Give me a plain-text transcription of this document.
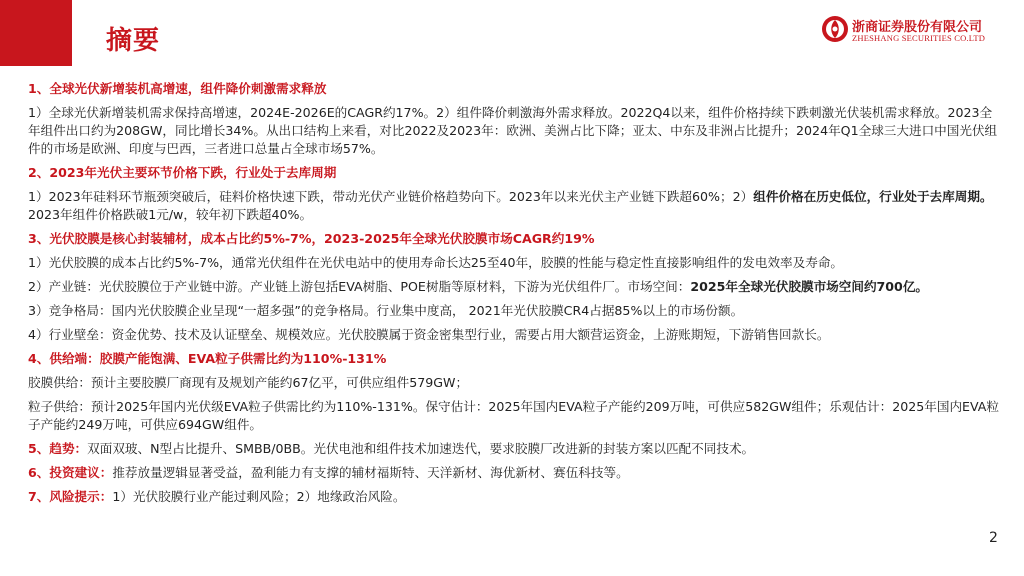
摘要	浙商证券股份有限公司
ZHESHANG SECURITIES CO.LTD
1、全球光伏新增装机高增速，组件降价刺激需求释放
1）全球光伏新增装机需求保持高增速，2024E-2026E的CAGR约17%。2）组件降价刺激海外需求释放。2022Q4以来，组件价格持续下跌刺激光伏装机需求释放。2023全年组件出口约为208GW，同比增长34%。从出口结构上来看，对比2022及2023年：欧洲、美洲占比下降；亚太、中东及非洲占比提升；2024年Q1全球三大进口中国光伏组件的市场是欧洲、印度与巴西，三者进口总量占全球市场57%。
2、2023年光伏主要环节价格下跌，行业处于去库周期
1）2023年硅料环节瓶颈突破后，硅料价格快速下跌，带动光伏产业链价格趋势向下。2023年以来光伏主产业链下跌超60%；2）组件价格在历史低位，行业处于去库周期。2023年组件价格跌破1元/w，较年初下跌超40%。
3、光伏胶膜是核心封装辅材，成本占比约5%-7%，2023-2025年全球光伏胶膜市场CAGR约19%
1）光伏胶膜的成本占比约5%-7%，通常光伏组件在光伏电站中的使用寿命长达25至40年，胶膜的性能与稳定性直接影响组件的发电效率及寿命。
2）产业链：光伏胶膜位于产业链中游。产业链上游包括EVA树脂、POE树脂等原材料，下游为光伏组件厂。市场空间：2025年全球光伏胶膜市场空间约700亿。
3）竞争格局：国内光伏胶膜企业呈现“一超多强”的竞争格局。行业集中度高， 2021年光伏胶膜CR4占据85%以上的市场份额。
4）行业壁垒：资金优势、技术及认证壁垒、规模效应。光伏胶膜属于资金密集型行业，需要占用大额营运资金，上游账期短，下游销售回款长。
4、供给端：胶膜产能饱满、EVA粒子供需比约为110%-131%
胶膜供给：预计主要胶膜厂商现有及规划产能约67亿平，可供应组件579GW；
粒子供给：预计2025年国内光伏级EVA粒子供需比约为110%-131%。保守估计：2025年国内EVA粒子产能约209万吨，可供应582GW组件；乐观估计：2025年国内EVA粒子产能约249万吨，可供应694GW组件。
5、趋势：双面双玻、N型占比提升、SMBB/0BB。光伏电池和组件技术加速迭代，要求胶膜厂改进新的封装方案以匹配不同技术。
6、投资建议：推荐放量逻辑显著受益，盈利能力有支撑的辅材福斯特、天洋新材、海优新材、赛伍科技等。
7、风险提示：1）光伏胶膜行业产能过剩风险；2）地缘政治风险。
2
